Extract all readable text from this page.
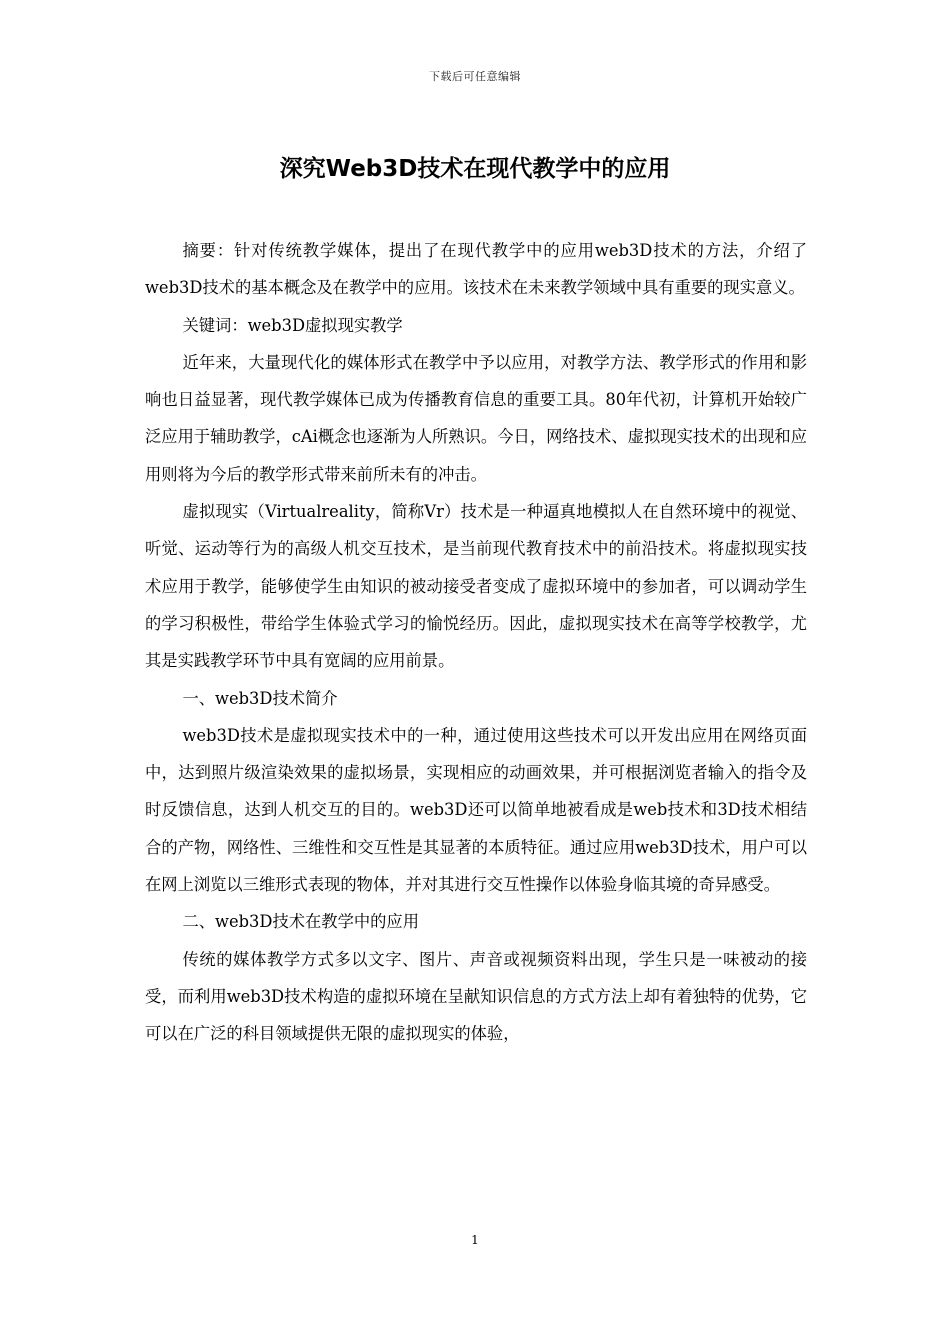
下载后可任意编辑
深究Web3D技术在现代教学中的应用

摘要：针对传统教学媒体，提出了在现代教学中的应用web3D技术的方法，介绍了web3D技术的基本概念及在教学中的应用。该技术在未来教学领域中具有重要的现实意义。

关键词：web3D虚拟现实教学

近年来，大量现代化的媒体形式在教学中予以应用，对教学方法、教学形式的作用和影响也日益显著，现代教学媒体已成为传播教育信息的重要工具。80年代初，计算机开始较广泛应用于辅助教学，cAi概念也逐渐为人所熟识。今日，网络技术、虚拟现实技术的出现和应用则将为今后的教学形式带来前所未有的冲击。

虚拟现实（Virtualreality，简称Vr）技术是一种逼真地模拟人在自然环境中的视觉、听觉、运动等行为的高级人机交互技术，是当前现代教育技术中的前沿技术。将虚拟现实技术应用于教学，能够使学生由知识的被动接受者变成了虚拟环境中的参加者，可以调动学生的学习积极性，带给学生体验式学习的愉悦经历。因此，虚拟现实技术在高等学校教学，尤其是实践教学环节中具有宽阔的应用前景。

一、web3D技术简介

web3D技术是虚拟现实技术中的一种，通过使用这些技术可以开发出应用在网络页面中，达到照片级渲染效果的虚拟场景，实现相应的动画效果，并可根据浏览者输入的指令及时反馈信息，达到人机交互的目的。web3D还可以简单地被看成是web技术和3D技术相结合的产物，网络性、三维性和交互性是其显著的本质特征。通过应用web3D技术，用户可以在网上浏览以三维形式表现的物体，并对其进行交互性操作以体验身临其境的奇异感受。

二、web3D技术在教学中的应用

传统的媒体教学方式多以文字、图片、声音或视频资料出现，学生只是一味被动的接受，而利用web3D技术构造的虚拟环境在呈献知识信息的方式方法上却有着独特的优势，它可以在广泛的科目领域提供无限的虚拟现实的体验，

1
